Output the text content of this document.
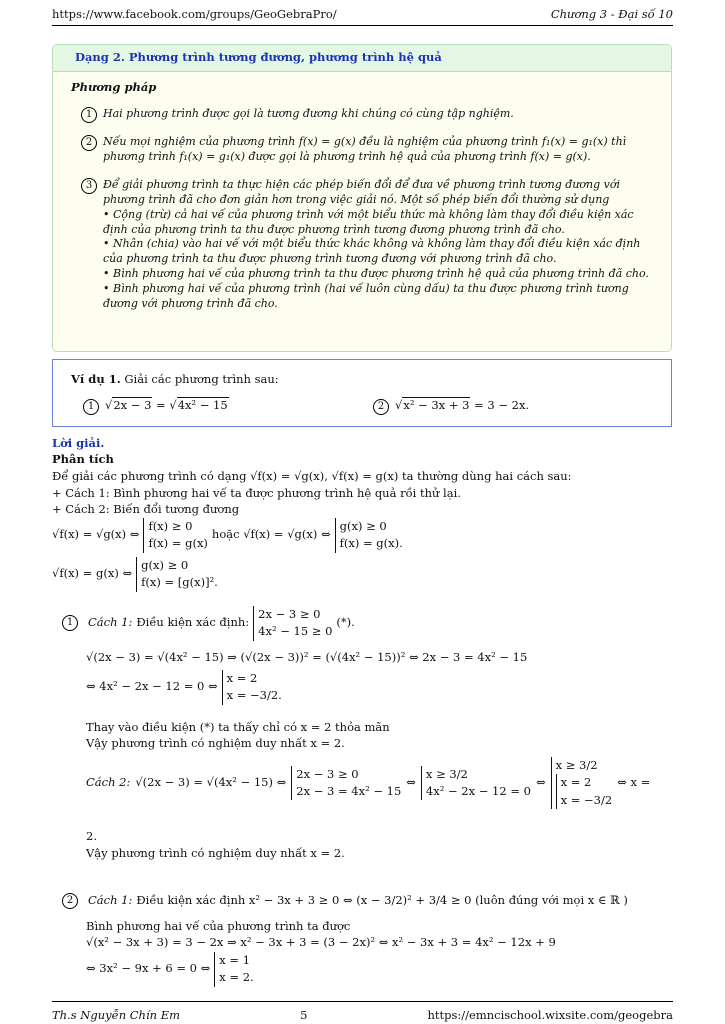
https://www.facebook.com/groups/GeoGebraPro/	Chương 3 - Đại số 10
Dạng 2. Phương trình tương đương, phương trình hệ quả
Phương pháp
1 Hai phương trình được gọi là tương đương khi chúng có cùng tập nghiệm.
2 Nếu mọi nghiệm của phương trình f(x) = g(x) đều là nghiệm của phương trình f₁(x) = g₁(x) thì phương trình f₁(x) = g₁(x) được gọi là phương trình hệ quả của phương trình f(x) = g(x).
3 Để giải phương trình ta thực hiện các phép biến đổi để đưa về phương trình tương đương với phương trình đã cho đơn giản hơn trong việc giải nó. Một số phép biến đổi thường sử dụng
• Cộng (trừ) cả hai vế của phương trình với một biểu thức mà không làm thay đổi điều kiện xác định của phương trình ta thu được phương trình tương đương phương trình đã cho.
• Nhân (chia) vào hai vế với một biểu thức khác không và không làm thay đổi điều kiện xác định của phương trình ta thu được phương trình tương đương với phương trình đã cho.
• Bình phương hai vế của phương trình ta thu được phương trình hệ quả của phương trình đã cho.
• Bình phương hai vế của phương trình (hai vế luôn cùng dấu) ta thu được phương trình tương đương với phương trình đã cho.
Ví dụ 1. Giải các phương trình sau:
1 √2x − 3 = √4x² − 15	2 √x² − 3x + 3 = 3 − 2x.
Lời giải.
Phân tích
Để giải các phương trình có dạng √f(x) = √g(x), √f(x) = g(x) ta thường dùng hai cách sau:
+ Cách 1: Bình phương hai vế ta được phương trình hệ quả rồi thử lại.
+ Cách 2: Biến đổi tương đương
√f(x) = √g(x) ⇔
f(x) ≥ 0
f(x) = g(x)
hoặc √f(x) = √g(x) ⇔
g(x) ≥ 0
f(x) = g(x).
√f(x) = g(x) ⇔
g(x) ≥ 0
f(x) = [g(x)]².
1	Cách 1: Điều kiện xác định:
2x − 3 ≥ 0
4x² − 15 ≥ 0
(*).
√(2x − 3) = √(4x² − 15) ⇒ (√(2x − 3))² = (√(4x² − 15))² ⇔ 2x − 3 = 4x² − 15
⇔ 4x² − 2x − 12 = 0 ⇔
x = 2
x = −3/2.
Thay vào điều kiện (*) ta thấy chỉ có x = 2 thỏa mãn
Vậy phương trình có nghiệm duy nhất x = 2.
Cách 2: √(2x − 3) = √(4x² − 15) ⇔
2x − 3 ≥ 0
2x − 3 = 4x² − 15
⇔
x ≥ 3/2
4x² − 2x − 12 = 0
⇔
x ≥ 3/2
x = 2
x = −3/2
⇔ x =
2.
Vậy phương trình có nghiệm duy nhất x = 2.
2	Cách 1: Điều kiện xác định x² − 3x + 3 ≥ 0 ⇔ (x − 3/2)² + 3/4 ≥ 0 (luôn đúng với mọi x ∈ ℝ )
Bình phương hai vế của phương trình ta được
√(x² − 3x + 3) = 3 − 2x ⇒ x² − 3x + 3 = (3 − 2x)² ⇔ x² − 3x + 3 = 4x² − 12x + 9
⇔ 3x² − 9x + 6 = 0 ⇔
x = 1
x = 2.
Th.s Nguyễn Chín Em	5	https://emncischool.wixsite.com/geogebra
